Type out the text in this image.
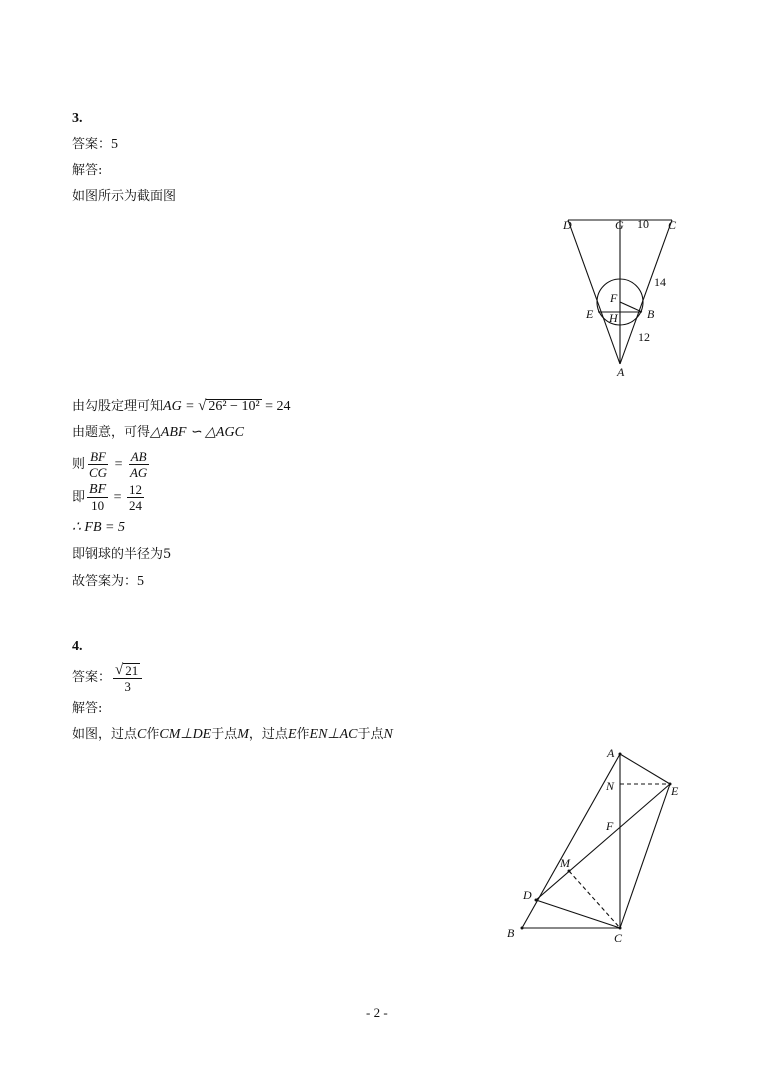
3.
答案：5
解答:
如图所示为截面图
D	G 10 C
14
F
E H B
12
A
由勾股定理可知AG = √ 26² − 10² = 24
由题意，可得△ABF ∽ △AGC
则 $\frac{BF}{CG} = \frac{AB}{AG}$
即 $\frac{BF}{10} = \frac{12}{24}$
∴ FB = 5
即钢球的半径为5
故答案为：5
4.
答案： $\frac{√ 21}{3}$
解答:
如图，过点C作CM⊥DE于点M，过点E作EN⊥AC于点N
A
N	E
F
M
D
B	C
- 2 -
